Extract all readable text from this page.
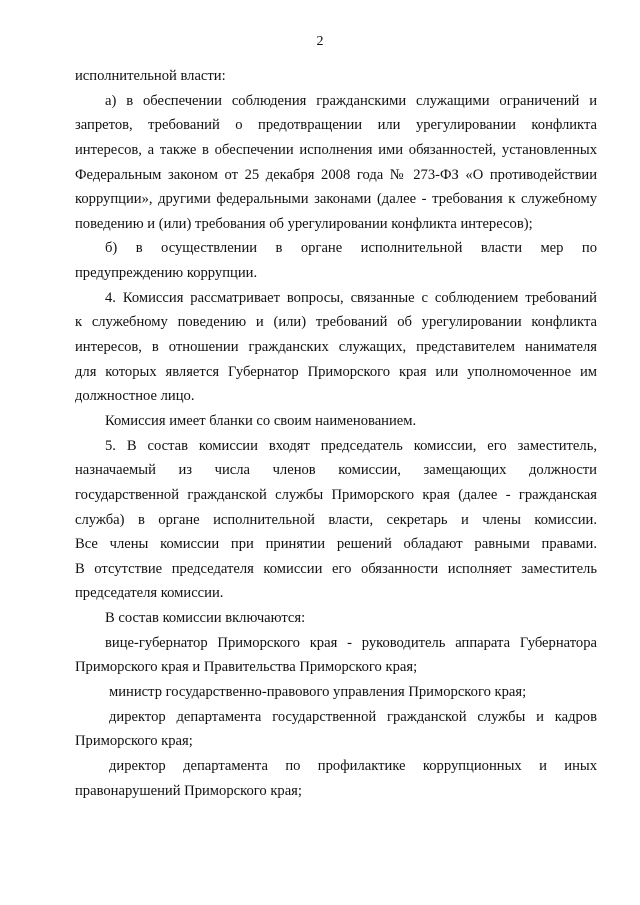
2
исполнительной власти:
а) в обеспечении соблюдения гражданскими служащими ограничений и
запретов, требований о предотвращении или урегулировании конфликта
интересов, а также в обеспечении исполнения ими обязанностей, установленных
Федеральным законом от 25 декабря 2008 года № 273-ФЗ «О противодействии
коррупции», другими федеральными законами (далее - требования к служебному
поведению и (или) требования об урегулировании конфликта интересов);
б) в осуществлении в органе исполнительной власти мер по
предупреждению коррупции.
4. Комиссия рассматривает вопросы, связанные с соблюдением требований
к служебному поведению и (или) требований об урегулировании конфликта
интересов, в отношении гражданских служащих, представителем нанимателя
для которых является Губернатор Приморского края или уполномоченное им
должностное лицо.
Комиссия имеет бланки со своим наименованием.
5. В состав комиссии входят председатель комиссии, его заместитель,
назначаемый из числа членов комиссии, замещающих должности
государственной гражданской службы Приморского края (далее - гражданская
служба) в органе исполнительной власти, секретарь и члены комиссии.
Все члены комиссии при принятии решений обладают равными правами.
В отсутствие председателя комиссии его обязанности исполняет заместитель
председателя комиссии.
В состав комиссии включаются:
вице-губернатор Приморского края - руководитель аппарата Губернатора
Приморского края и Правительства Приморского края;
министр государственно-правового управления Приморского края;
директор департамента государственной гражданской службы и кадров
Приморского края;
директор департамента по профилактике коррупционных и иных
правонарушений Приморского края;
